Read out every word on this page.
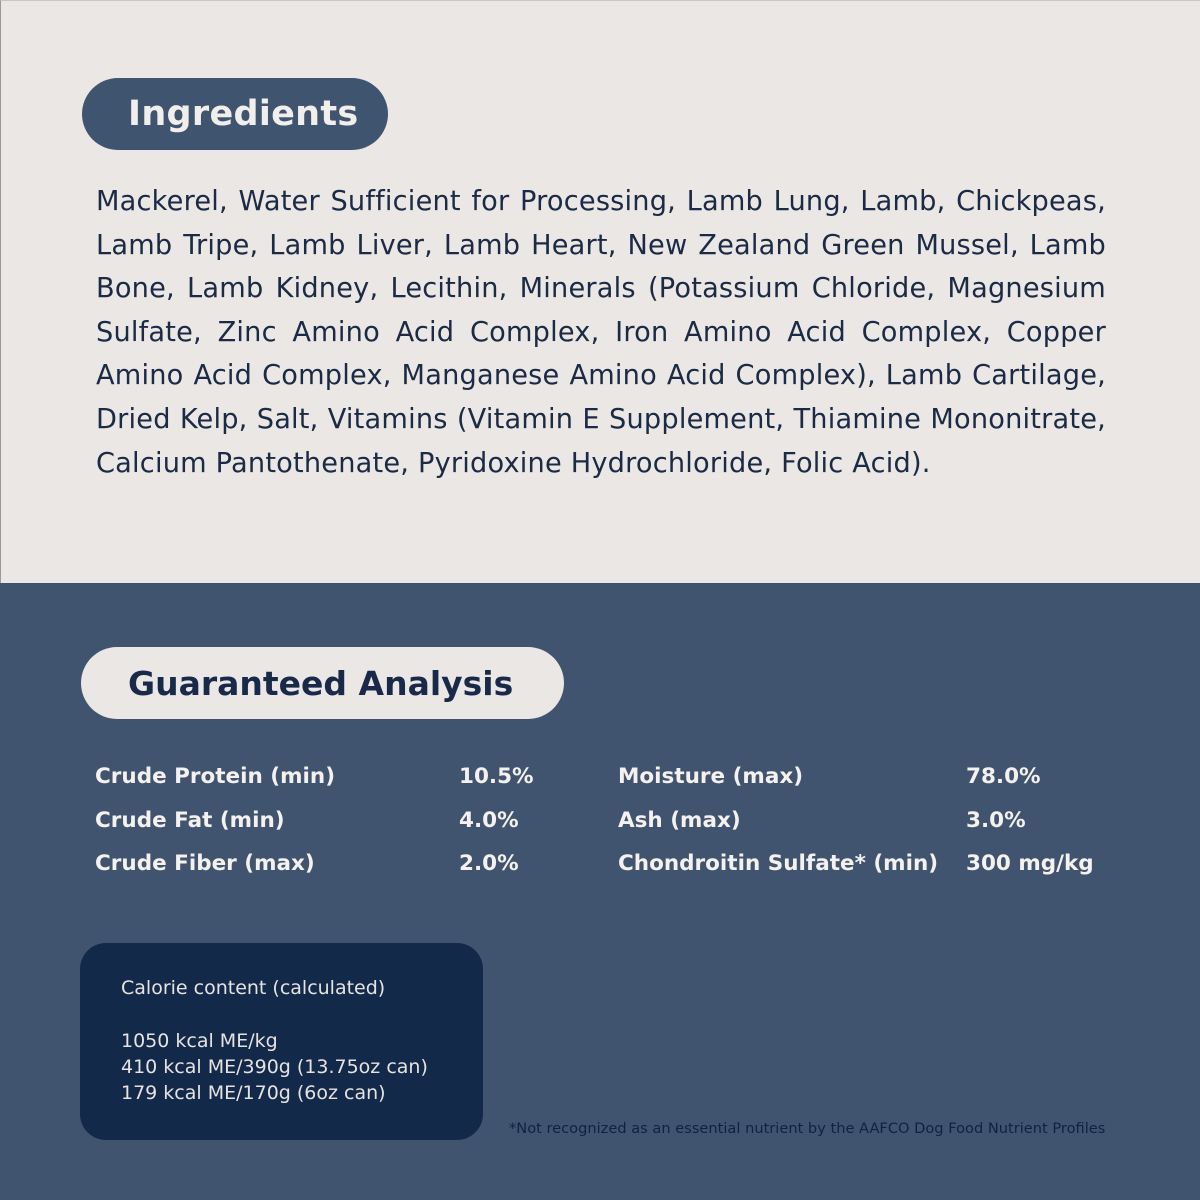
Ingredients
Mackerel, Water Sufficient for Processing, Lamb Lung, Lamb, Chickpeas, Lamb Tripe, Lamb Liver, Lamb Heart, New Zealand Green Mussel, Lamb Bone, Lamb Kidney, Lecithin, Minerals (Potassium Chloride, Magnesium Sulfate, Zinc Amino Acid Complex, Iron Amino Acid Complex, Copper Amino Acid Complex, Manganese Amino Acid Complex), Lamb Cartilage, Dried Kelp, Salt, Vitamins (Vitamin E Supplement, Thiamine Mononitrate, Calcium Pantothenate, Pyridoxine Hydrochloride, Folic Acid).
Guaranteed Analysis
Crude Protein (min)	10.5%	Moisture (max)	78.0%
Crude Fat (min)	4.0%	Ash (max)	3.0%
Crude Fiber (max)	2.0%	Chondroitin Sulfate* (min) 300 mg/kg
Calorie content (calculated)
1050 kcal ME/kg
410 kcal ME/390g (13.75oz can)
179 kcal ME/170g (6oz can)
*Not recognized as an essential nutrient by the AAFCO Dog Food Nutrient Profiles
